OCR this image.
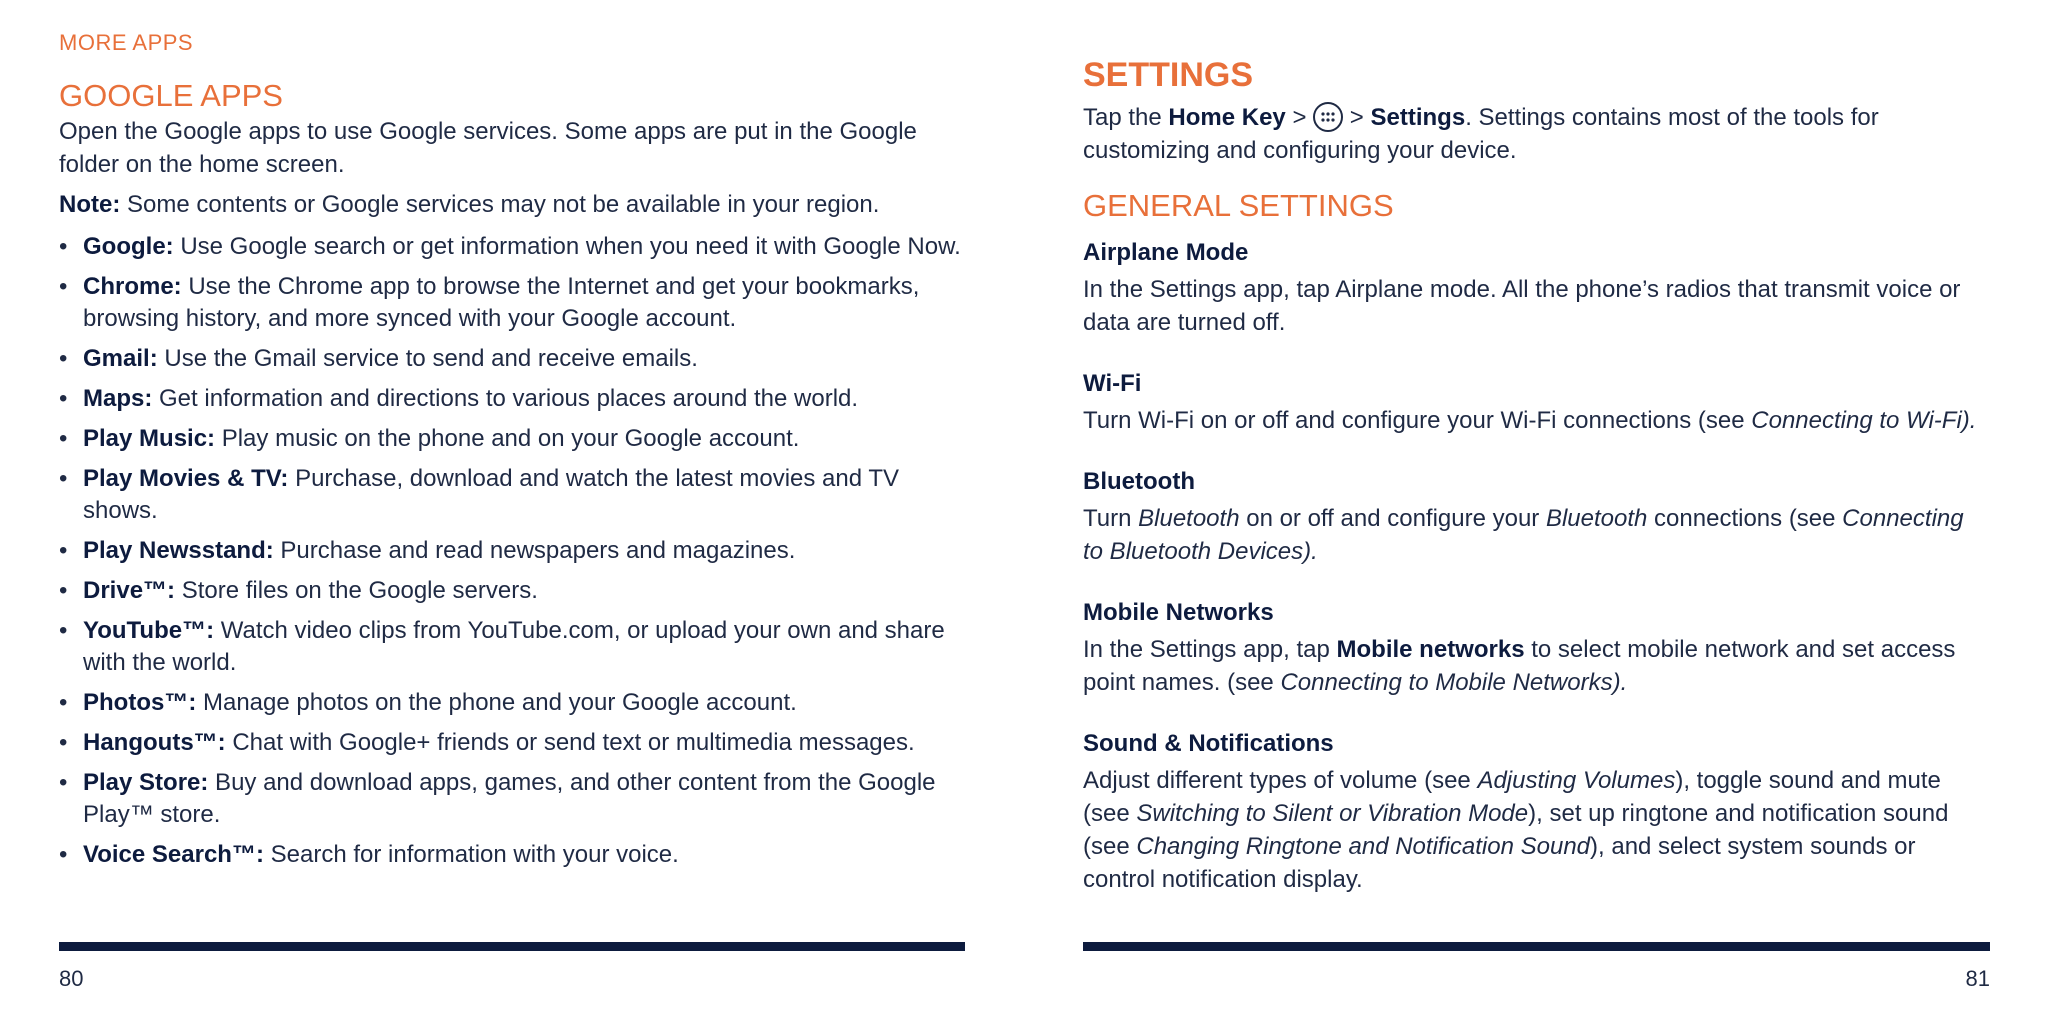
MORE APPS
GOOGLE APPS

Open the Google apps to use Google services. Some apps are put in the Google folder on the home screen.

Note: Some contents or Google services may not be available in your region.

• Google: Use Google search or get information when you need it with Google Now.
• Chrome: Use the Chrome app to browse the Internet and get your bookmarks, browsing history, and more synced with your Google account.
• Gmail: Use the Gmail service to send and receive emails.
• Maps: Get information and directions to various places around the world.
• Play Music: Play music on the phone and on your Google account.
• Play Movies & TV: Purchase, download and watch the latest movies and TV shows.
• Play Newsstand: Purchase and read newspapers and magazines.
• Drive™: Store files on the Google servers.
• YouTube™: Watch video clips from YouTube.com, or upload your own and share with the world.
• Photos™: Manage photos on the phone and your Google account.
• Hangouts™: Chat with Google+ friends or send text or multimedia messages.
• Play Store: Buy and download apps, games, and other content from the Google Play™ store.
• Voice Search™: Search for information with your voice.
80
SETTINGS

Tap the Home Key >
> Settings. Settings contains most of the tools for customizing and configuring your device.

GENERAL SETTINGS
Airplane Mode

In the Settings app, tap Airplane mode. All the phone’s radios that transmit voice or data are turned off.

Wi-Fi

Turn Wi-Fi on or off and configure your Wi-Fi connections (see Connecting to Wi-Fi).

Bluetooth

Turn Bluetooth on or off and configure your Bluetooth connections (see Connecting to Bluetooth Devices).

Mobile Networks

In the Settings app, tap Mobile networks to select mobile network and set access point names. (see Connecting to Mobile Networks).

Sound & Notifications

Adjust different types of volume (see Adjusting Volumes), toggle sound and mute (see Switching to Silent or Vibration Mode), set up ringtone and notification sound (see Changing Ringtone and Notification Sound), and select system sounds or control notification display.

81
